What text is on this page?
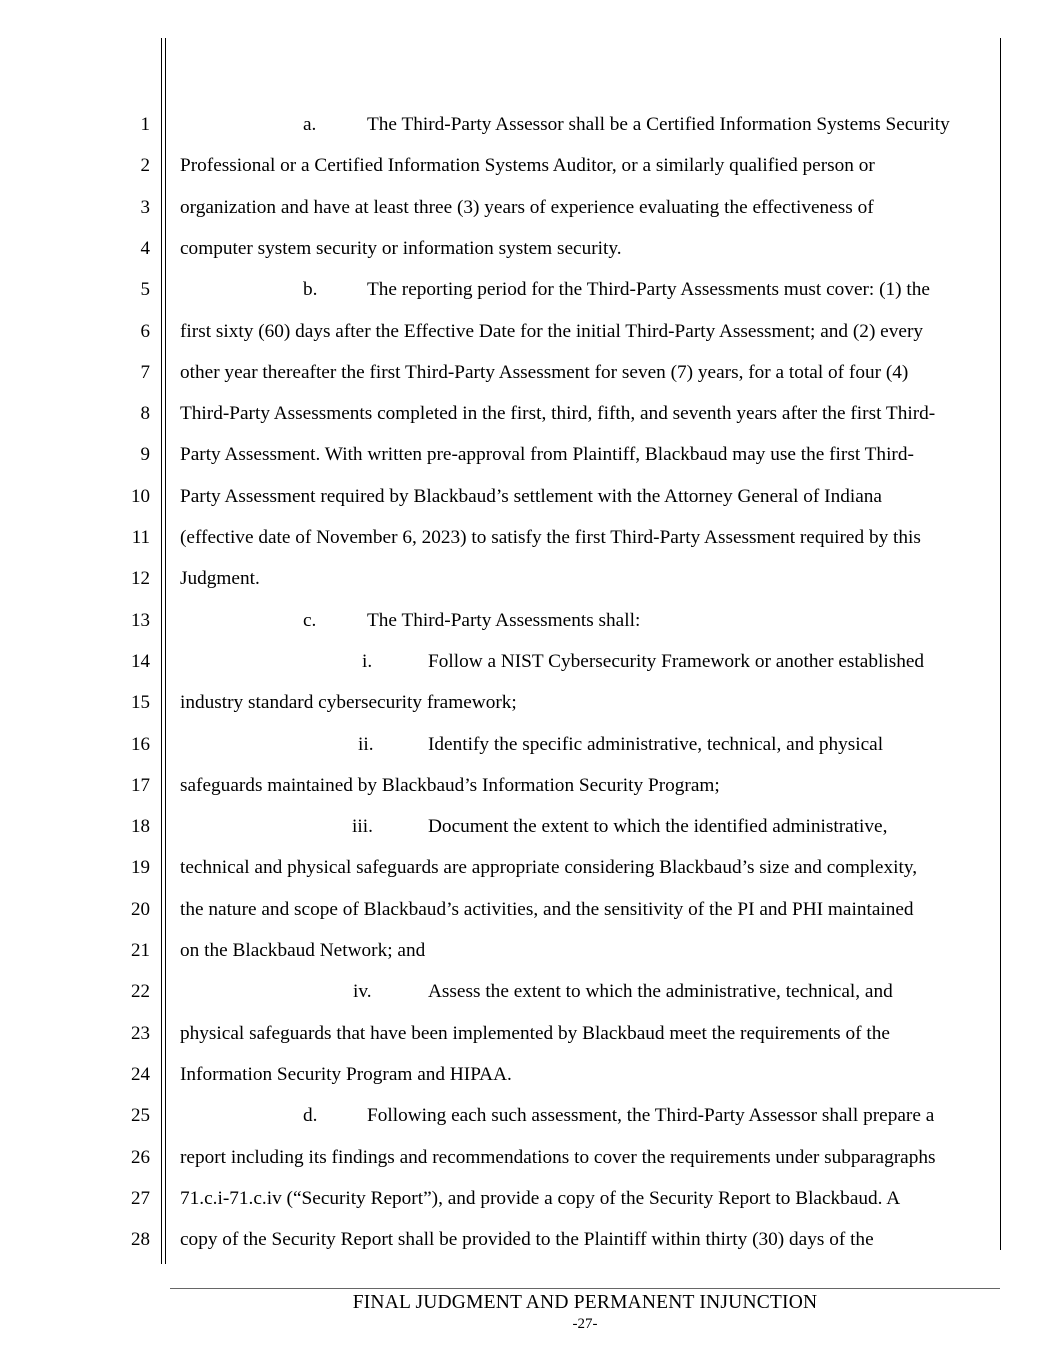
1	a.	The Third-Party Assessor shall be a Certified Information Systems Security
2 Professional or a Certified Information Systems Auditor, or a similarly qualified person or
3 organization and have at least three (3) years of experience evaluating the effectiveness of
4 computer system security or information system security.
5	b.	The reporting period for the Third-Party Assessments must cover: (1) the
6 first sixty (60) days after the Effective Date for the initial Third-Party Assessment; and (2) every
7 other year thereafter the first Third-Party Assessment for seven (7) years, for a total of four (4)
8 Third-Party Assessments completed in the first, third, fifth, and seventh years after the first Third-
9 Party Assessment. With written pre-approval from Plaintiff, Blackbaud may use the first Third-
10 Party Assessment required by Blackbaud’s settlement with the Attorney General of Indiana
11 (effective date of November 6, 2023) to satisfy the first Third-Party Assessment required by this
12 Judgment.
13	c.	The Third-Party Assessments shall:
14	i.	Follow a NIST Cybersecurity Framework or another established
15 industry standard cybersecurity framework;
16	ii.	Identify the specific administrative, technical, and physical
17 safeguards maintained by Blackbaud’s Information Security Program;
18	iii.	Document the extent to which the identified administrative,
19 technical and physical safeguards are appropriate considering Blackbaud’s size and complexity,
20 the nature and scope of Blackbaud’s activities, and the sensitivity of the PI and PHI maintained
21 on the Blackbaud Network; and
22	iv.	Assess the extent to which the administrative, technical, and
23 physical safeguards that have been implemented by Blackbaud meet the requirements of the
24 Information Security Program and HIPAA.
25	d.	Following each such assessment, the Third-Party Assessor shall prepare a
26 report including its findings and recommendations to cover the requirements under subparagraphs
27 71.c.i-71.c.iv (“Security Report”), and provide a copy of the Security Report to Blackbaud. A
28 copy of the Security Report shall be provided to the Plaintiff within thirty (30) days of the
FINAL JUDGMENT AND PERMANENT INJUNCTION
-27-
